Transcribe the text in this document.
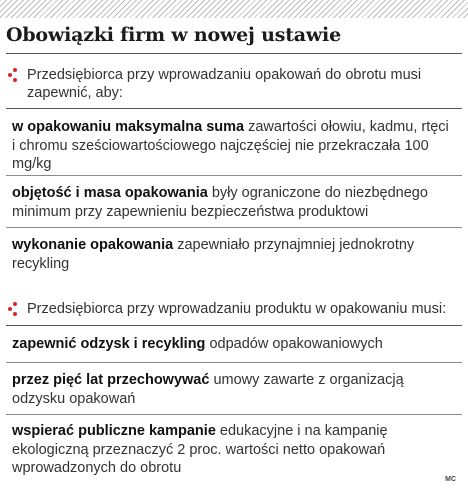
Obowiązki firm w nowej ustawie
Przedsiębiorca przy wprowadzaniu opakowań do obrotu musi zapewnić, aby:
w opakowaniu maksymalna suma zawartości ołowiu, kadmu, rtęci i chromu sześciowartościowego najczęściej nie przekraczała 100 mg/kg
objętość i masa opakowania były ograniczone do niezbędnego minimum przy zapewnieniu bezpieczeństwa produktowi
wykonanie opakowania zapewniało przynajmniej jednokrotny recykling
Przedsiębiorca przy wprowadzaniu produktu w opakowaniu musi:
zapewnić odzysk i recykling odpadów opakowaniowych
przez pięć lat przechowywać umowy zawarte z organizacją odzysku opakowań
wspierać publiczne kampanie edukacyjne i na kampanię ekologiczną przeznaczyć 2 proc. wartości netto opakowań wprowadzonych do obrotu
MC
